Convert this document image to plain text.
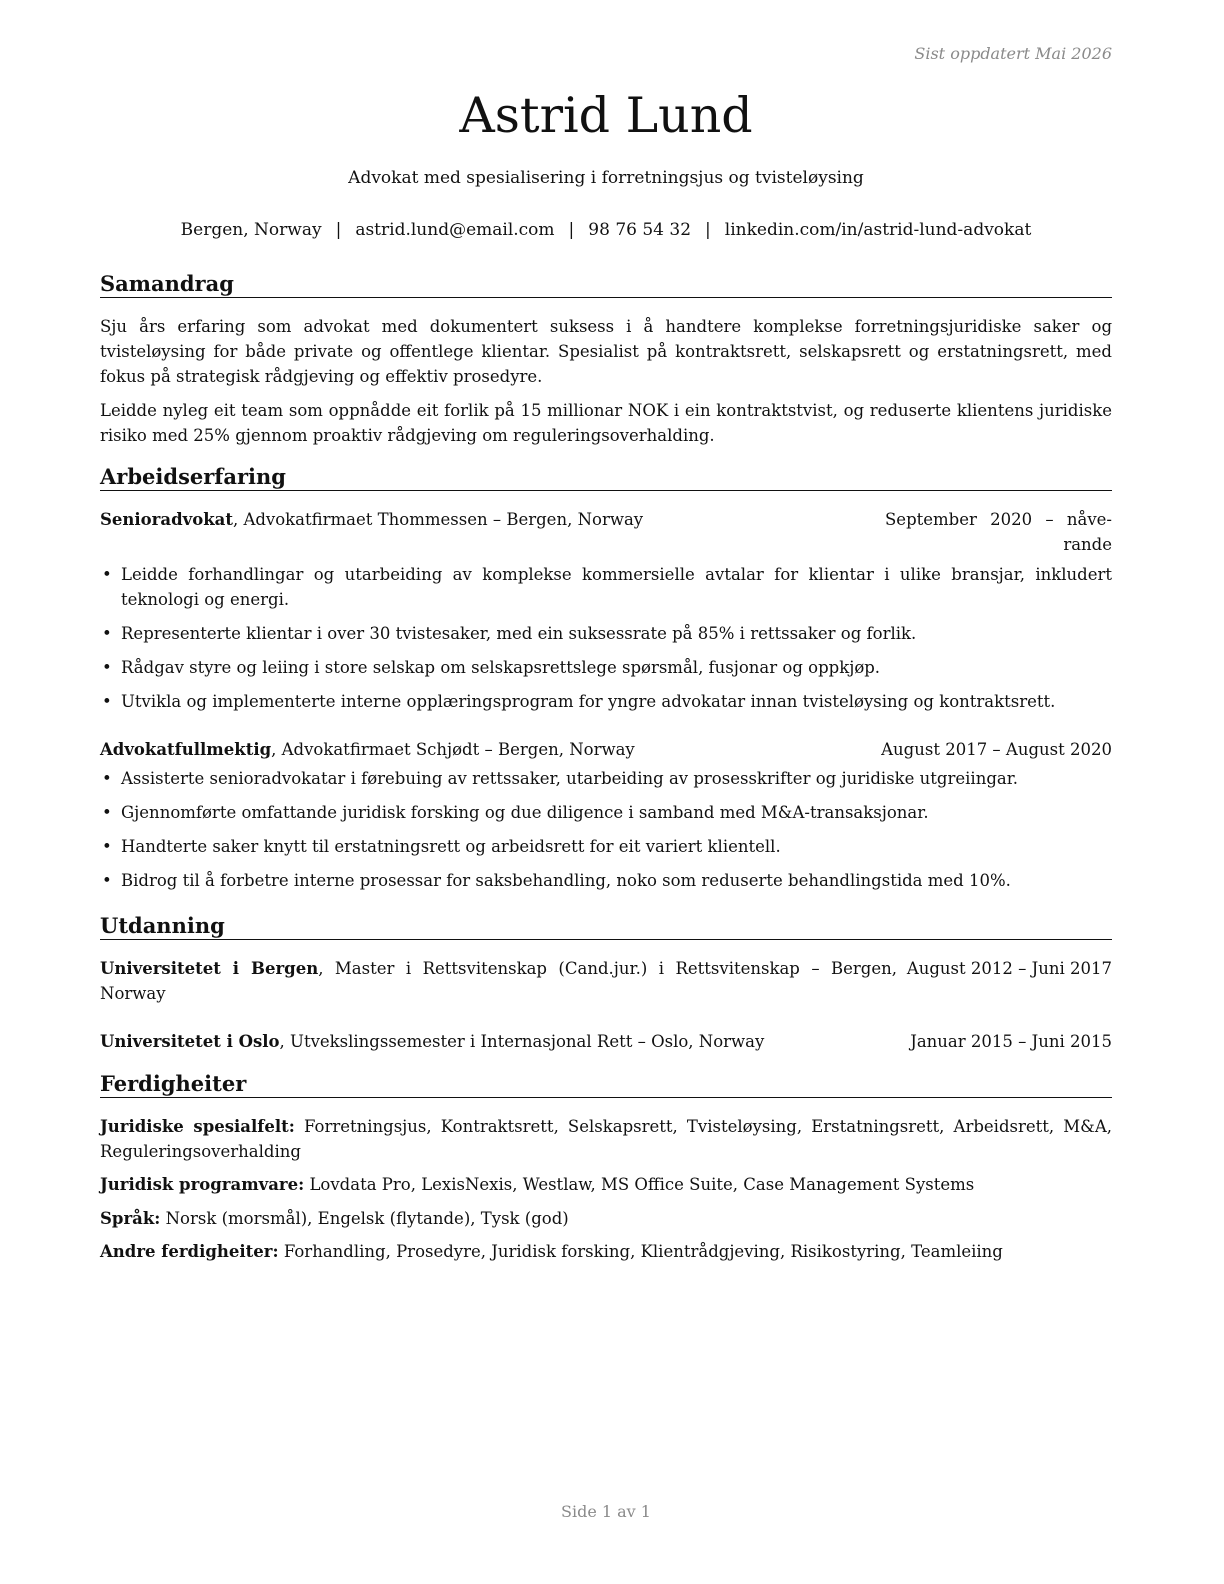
Sist oppdatert Mai 2026
Astrid Lund
Advokat med spesialisering i forretningsjus og tvisteløysing
Bergen, Norway | astrid.lund@email.com | 98 76 54 32 | linkedin.com/in/astrid-lund-advokat
Samandrag
Sju års erfaring som advokat med dokumentert suksess i å handtere komplekse forretningsjuridiske saker og tvisteløysing for både private og offentlege klientar. Spesialist på kontraktsrett, selskapsrett og erstatningsrett, med fokus på strategisk rådgjeving og effektiv prosedyre.
Leidde nyleg eit team som oppnådde eit forlik på 15 millionar NOK i ein kontraktstvist, og reduserte klientens juridiske risiko med 25% gjennom proaktiv rådgjeving om reguleringsoverhalding.
Arbeidserfaring
Senioradvokat, Advokatfirmaet Thommessen – Bergen, Norway	September 2020 – nåve-
rande
• Leidde forhandlingar og utarbeiding av komplekse kommersielle avtalar for klientar i ulike bransjar, inkludert teknologi og energi.
• Representerte klientar i over 30 tvistesaker, med ein suksessrate på 85% i rettssaker og forlik.
• Rådgav styre og leiing i store selskap om selskapsrettslege spørsmål, fusjonar og oppkjøp.
• Utvikla og implementerte interne opplæringsprogram for yngre advokatar innan tvisteløysing og kontraktsrett.
Advokatfullmektig, Advokatfirmaet Schjødt – Bergen, Norway	August 2017 – August 2020
• Assisterte senioradvokatar i førebuing av rettssaker, utarbeiding av prosesskrifter og juridiske utgreiingar.
• Gjennomførte omfattande juridisk forsking og due diligence i samband med M&A-transaksjonar.
• Handterte saker knytt til erstatningsrett og arbeidsrett for eit variert klientell.
• Bidrog til å forbetre interne prosessar for saksbehandling, noko som reduserte behandlingstida med 10%.
Utdanning
Universitetet i Bergen, Master i Rettsvitenskap (Cand.jur.) i Rettsvitenskap – Bergen, Norway
August 2012 – Juni 2017
Universitetet i Oslo, Utvekslingssemester i Internasjonal Rett – Oslo, Norway	Januar 2015 – Juni 2015
Ferdigheiter
Juridiske spesialfelt: Forretningsjus, Kontraktsrett, Selskapsrett, Tvisteløysing, Erstatningsrett, Arbeidsrett, M&A, Reguleringsoverhalding
Juridisk programvare: Lovdata Pro, LexisNexis, Westlaw, MS Office Suite, Case Management Systems
Språk: Norsk (morsmål), Engelsk (flytande), Tysk (god)
Andre ferdigheiter: Forhandling, Prosedyre, Juridisk forsking, Klientrådgjeving, Risikostyring, Teamleiing
Side 1 av 1
